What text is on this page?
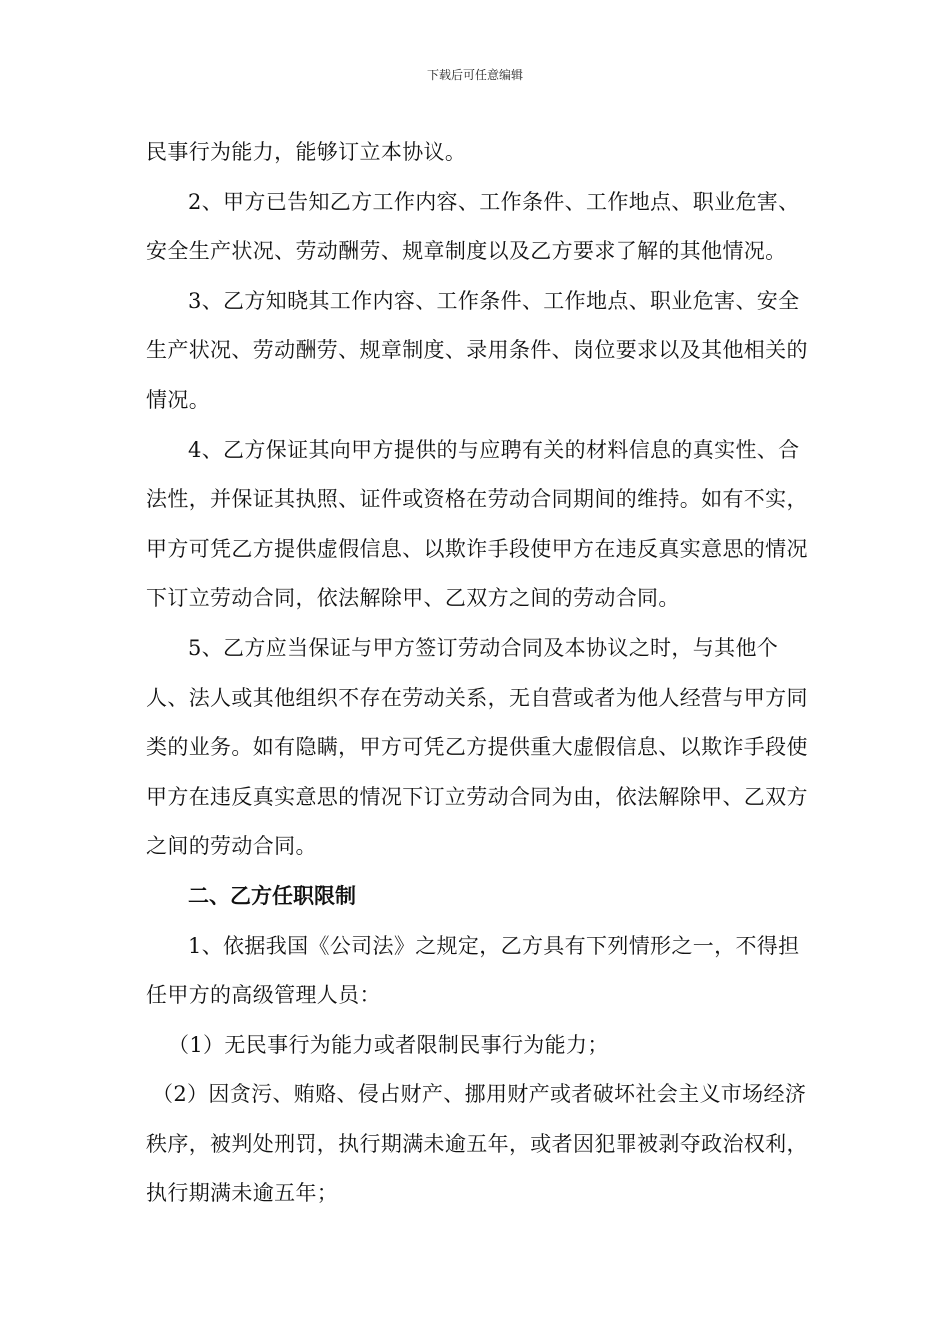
下载后可任意编辑

民事行为能力，能够订立本协议。

2、甲方已告知乙方工作内容、工作条件、工作地点、职业危害、安全生产状况、劳动酬劳、规章制度以及乙方要求了解的其他情况。

3、乙方知晓其工作内容、工作条件、工作地点、职业危害、安全生产状况、劳动酬劳、规章制度、录用条件、岗位要求以及其他相关的情况。

4、乙方保证其向甲方提供的与应聘有关的材料信息的真实性、合法性，并保证其执照、证件或资格在劳动合同期间的维持。如有不实，甲方可凭乙方提供虚假信息、以欺诈手段使甲方在违反真实意思的情况下订立劳动合同，依法解除甲、乙双方之间的劳动合同。

5、乙方应当保证与甲方签订劳动合同及本协议之时，与其他个人、法人或其他组织不存在劳动关系，无自营或者为他人经营与甲方同类的业务。如有隐瞒，甲方可凭乙方提供重大虚假信息、以欺诈手段使甲方在违反真实意思的情况下订立劳动合同为由，依法解除甲、乙双方之间的劳动合同。

二、乙方任职限制

1、依据我国《公司法》之规定，乙方具有下列情形之一，不得担任甲方的高级管理人员：

（1）无民事行为能力或者限制民事行为能力；

（2）因贪污、贿赂、侵占财产、挪用财产或者破坏社会主义市场经济秩序，被判处刑罚，执行期满未逾五年，或者因犯罪被剥夺政治权利，执行期满未逾五年；
